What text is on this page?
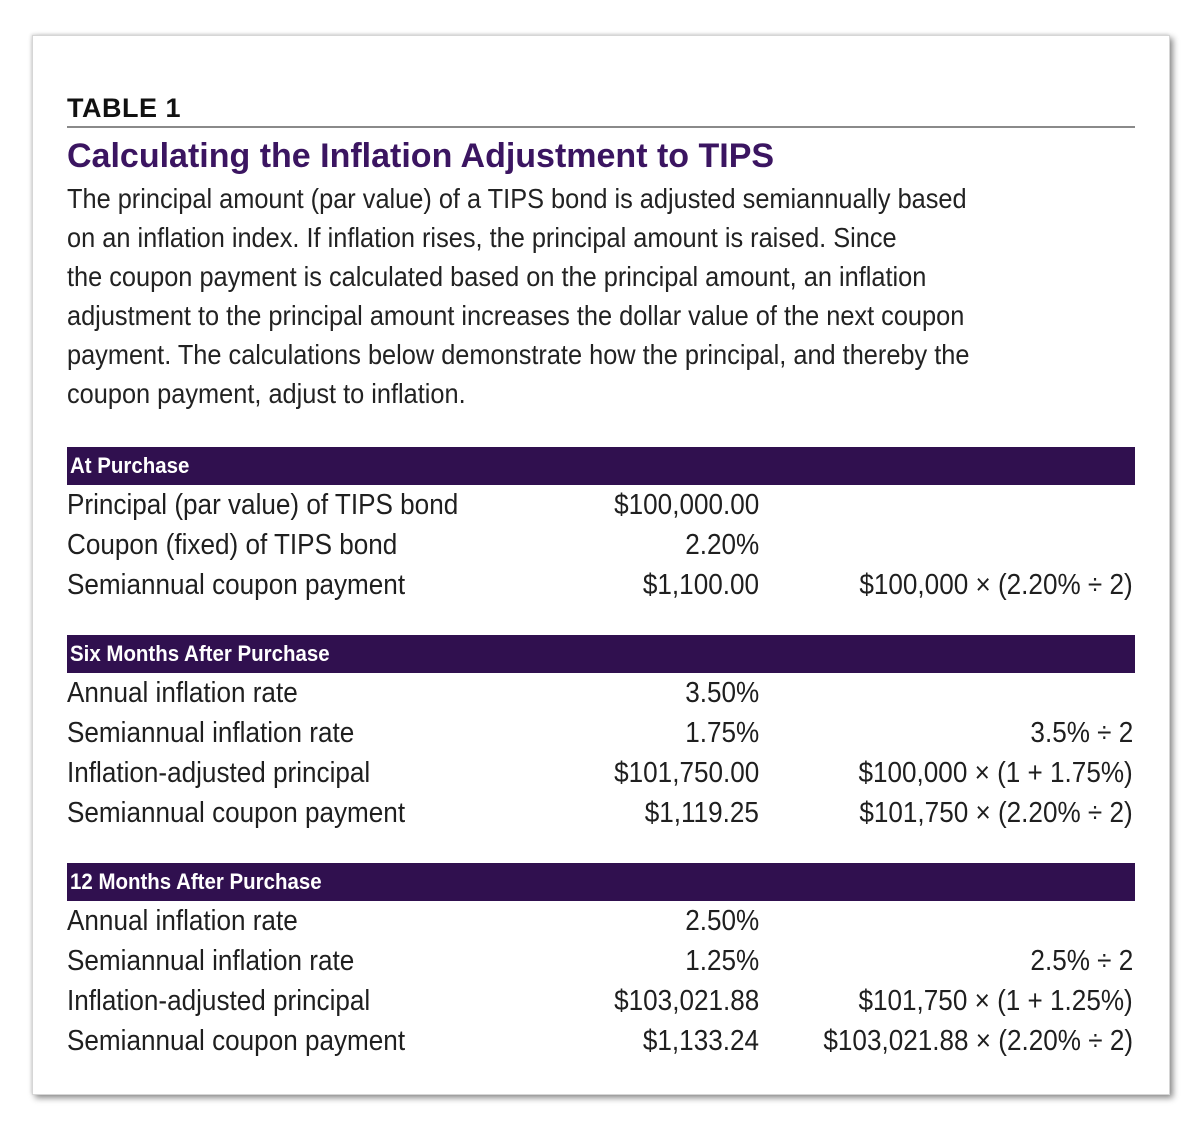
TABLE 1
Calculating the Inflation Adjustment to TIPS
The principal amount (par value) of a TIPS bond is adjusted semiannually based
on an inflation index. If inflation rises, the principal amount is raised. Since
the coupon payment is calculated based on the principal amount, an inflation
adjustment to the principal amount increases the dollar value of the next coupon
payment. The calculations below demonstrate how the principal, and thereby the
coupon payment, adjust to inflation.
At Purchase
Principal (par value) of TIPS bond	$100,000.00
Coupon (fixed) of TIPS bond	2.20%
Semiannual coupon payment	$1,100.00	$100,000 × (2.20% ÷ 2)
Six Months After Purchase
Annual inflation rate	3.50%
Semiannual inflation rate	1.75%	3.5% ÷ 2
Inflation-adjusted principal	$101,750.00	$100,000 × (1 + 1.75%)
Semiannual coupon payment	$1,119.25	$101,750 × (2.20% ÷ 2)
12 Months After Purchase
Annual inflation rate	2.50%
Semiannual inflation rate	1.25%	2.5% ÷ 2
Inflation-adjusted principal	$103,021.88	$101,750 × (1 + 1.25%)
Semiannual coupon payment	$1,133.24 $103,021.88 × (2.20% ÷ 2)
